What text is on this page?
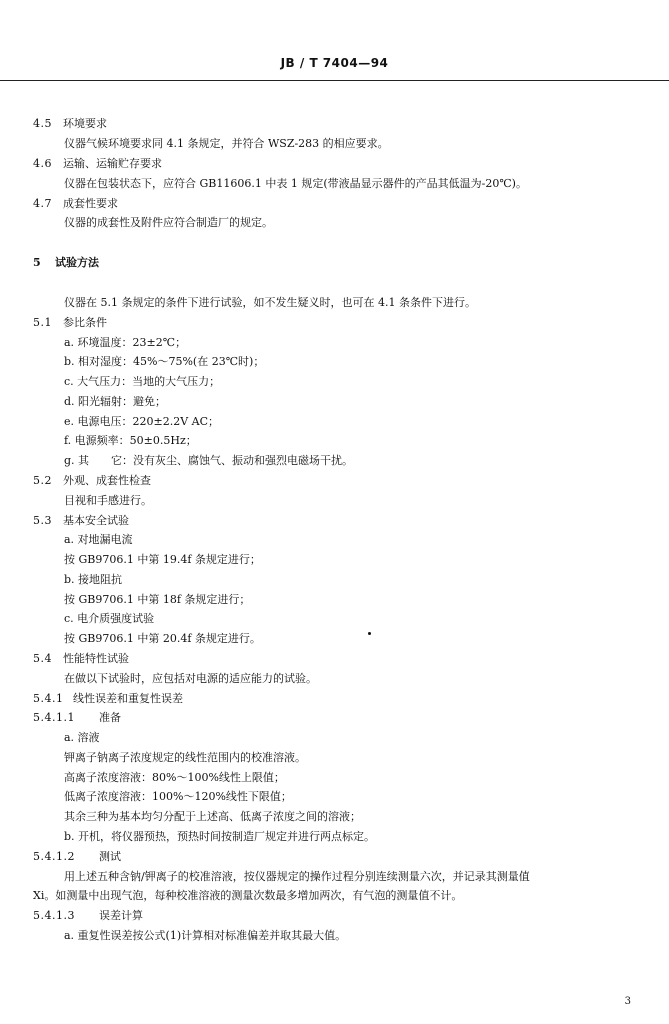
JB / T 7404—94
4.5 环境要求
仪器气候环境要求同 4.1 条规定，并符合 WSZ-283 的相应要求。
4.6 运输、运输贮存要求
仪器在包装状态下，应符合 GB11606.1 中表 1 规定(带液晶显示器件的产品其低温为-20℃)。
4.7 成套性要求
仪器的成套性及附件应符合制造厂的规定。
5 试验方法
仪器在 5.1 条规定的条件下进行试验，如不发生疑义时，也可在 4.1 条条件下进行。
5.1 参比条件
a. 环境温度：23±2℃；
b. 相对湿度：45%～75%(在 23℃时)；
c. 大气压力：当地的大气压力；
d. 阳光辐射：避免；
e. 电源电压：220±2.2V AC；
f. 电源频率：50±0.5Hz；
g. 其　　它：没有灰尘、腐蚀气、振动和强烈电磁场干扰。
5.2 外观、成套性检查
目视和手感进行。
5.3 基本安全试验
a. 对地漏电流
按 GB9706.1 中第 19.4f 条规定进行；
b. 接地阻抗
按 GB9706.1 中第 18f 条规定进行；
c. 电介质强度试验
按 GB9706.1 中第 20.4f 条规定进行。
5.4 性能特性试验
在做以下试验时，应包括对电源的适应能力的试验。
5.4.1 线性误差和重复性误差
5.4.1.1 准备
a. 溶液
钾离子钠离子浓度规定的线性范围内的校准溶液。
高离子浓度溶液：80%～100%线性上限值；
低离子浓度溶液：100%～120%线性下限值；
其余三种为基本均匀分配于上述高、低离子浓度之间的溶液；
b. 开机，将仪器预热，预热时间按制造厂规定并进行两点标定。
5.4.1.2 测试
用上述五种含钠/钾离子的校准溶液，按仪器规定的操作过程分别连续测量六次，并记录其测量值
Xi。如测量中出现气泡，每种校准溶液的测量次数最多增加两次，有气泡的测量值不计。
5.4.1.3 误差计算
a. 重复性误差按公式(1)计算相对标准偏差并取其最大值。
3
